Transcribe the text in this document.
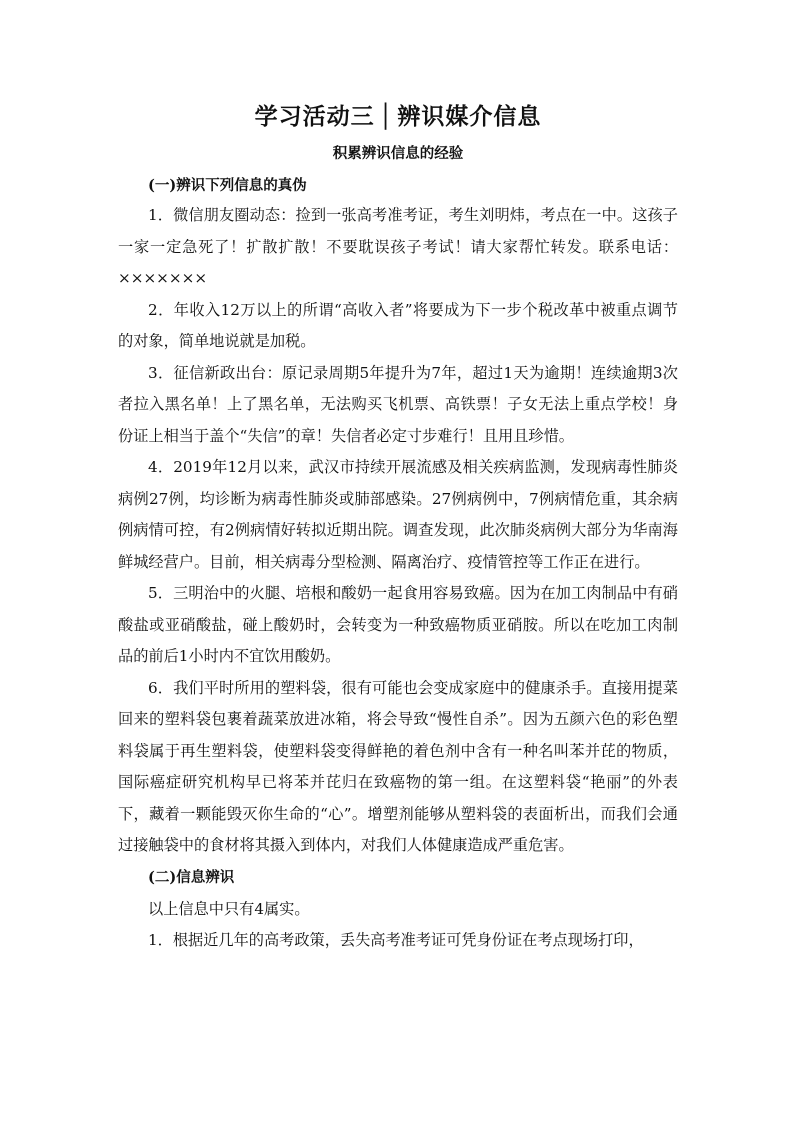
学习活动三 │ 辨识媒介信息
积累辨识信息的经验
(一)辨识下列信息的真伪

1．微信朋友圈动态：捡到一张高考准考证，考生刘明炜，考点在一中。这孩子一家一定急死了！扩散扩散！不要耽误孩子考试！请大家帮忙转发。联系电话：×××××××

2．年收入12万以上的所谓“高收入者”将要成为下一步个税改革中被重点调节的对象，简单地说就是加税。

3．征信新政出台：原记录周期5年提升为7年，超过1天为逾期！连续逾期3次者拉入黑名单！上了黑名单，无法购买飞机票、高铁票！子女无法上重点学校！身份证上相当于盖个“失信”的章！失信者必定寸步难行！且用且珍惜。

4．2019年12月以来，武汉市持续开展流感及相关疾病监测，发现病毒性肺炎病例27例，均诊断为病毒性肺炎或肺部感染。27例病例中，7例病情危重，其余病例病情可控，有2例病情好转拟近期出院。调查发现，此次肺炎病例大部分为华南海鲜城经营户。目前，相关病毒分型检测、隔离治疗、疫情管控等工作正在进行。

5．三明治中的火腿、培根和酸奶一起食用容易致癌。因为在加工肉制品中有硝酸盐或亚硝酸盐，碰上酸奶时，会转变为一种致癌物质亚硝胺。所以在吃加工肉制品的前后1小时内不宜饮用酸奶。

6．我们平时所用的塑料袋，很有可能也会变成家庭中的健康杀手。直接用提菜回来的塑料袋包裹着蔬菜放进冰箱，将会导致“慢性自杀”。因为五颜六色的彩色塑料袋属于再生塑料袋，使塑料袋变得鲜艳的着色剂中含有一种名叫苯并芘的物质，国际癌症研究机构早已将苯并芘归在致癌物的第一组。在这塑料袋“艳丽”的外表下，藏着一颗能毁灭你生命的“心”。增塑剂能够从塑料袋的表面析出，而我们会通过接触袋中的食材将其摄入到体内，对我们人体健康造成严重危害。

(二)信息辨识

以上信息中只有4属实。

1．根据近几年的高考政策，丢失高考准考证可凭身份证在考点现场打印，
